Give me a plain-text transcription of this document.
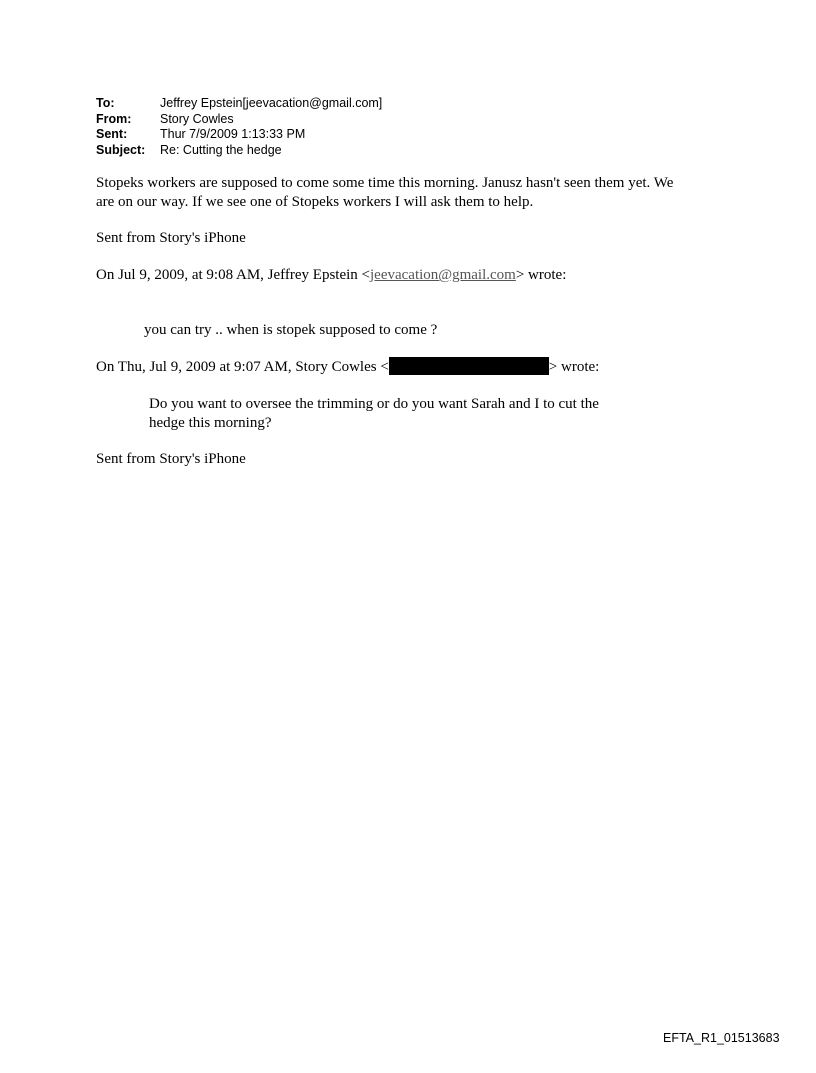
To:	Jeffrey Epstein[jeevacation@gmail.com]
From:	Story Cowles
Sent:	Thur 7/9/2009 1:13:33 PM
Subject:	Re: Cutting the hedge
Stopeks workers are supposed to come some time this morning. Janusz hasn't seen them yet. We
are on our way. If we see one of Stopeks workers I will ask them to help.
Sent from Story's iPhone
On Jul 9, 2009, at 9:08 AM, Jeffrey Epstein <jeevacation@gmail.com> wrote:
you can try .. when is stopek supposed to come ?
On Thu, Jul 9, 2009 at 9:07 AM, Story Cowles <	> wrote:
Do you want to oversee the trimming or do you want Sarah and I to cut the
hedge this morning?
Sent from Story's iPhone
EFTA_R1_01513683
